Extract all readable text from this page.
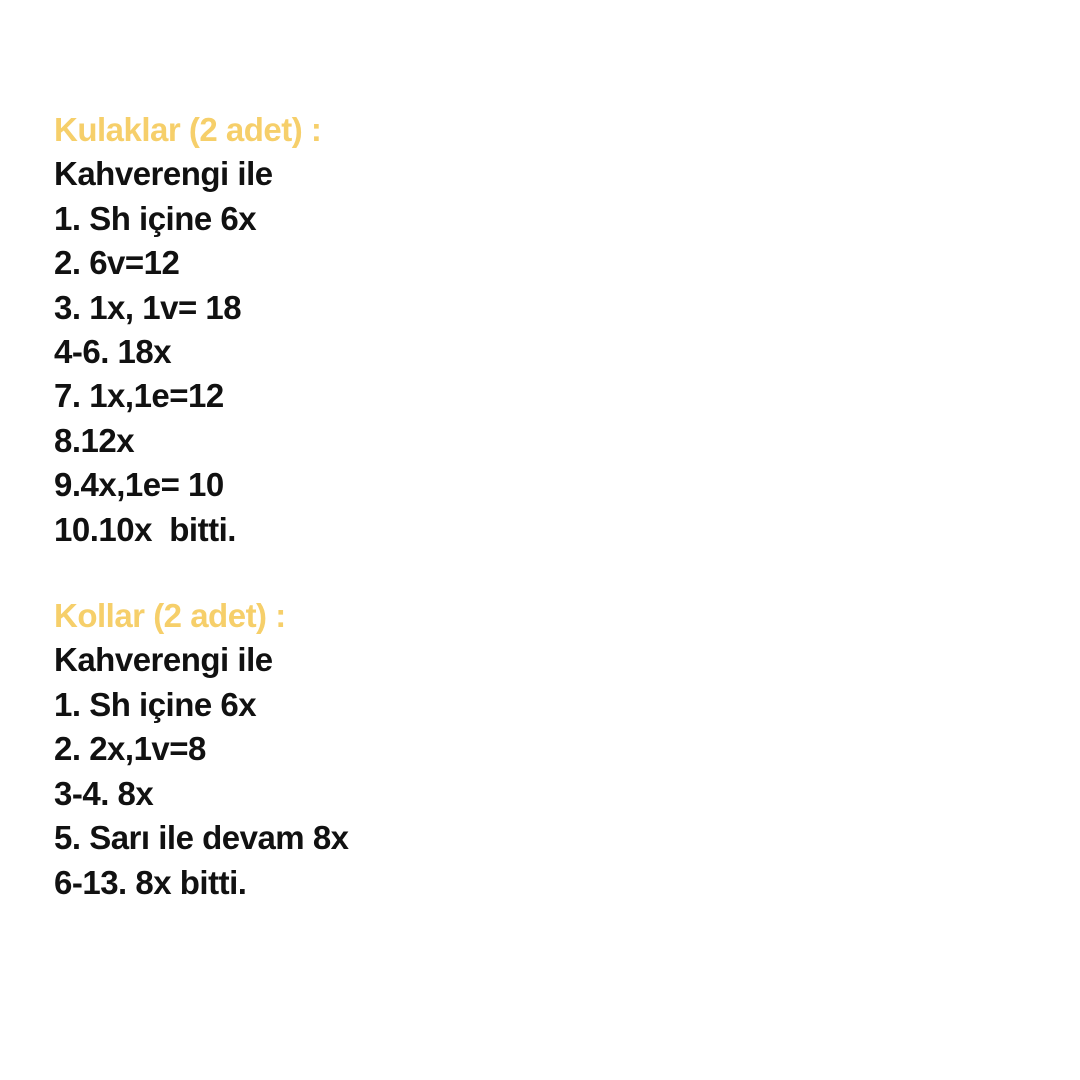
Kulaklar (2 adet) :
Kahverengi ile
1. Sh içine 6x
2. 6v=12
3. 1x, 1v= 18
4-6. 18x
7. 1x,1e=12
8.12x
9.4x,1e= 10
10.10x  bitti.
Kollar (2 adet) :
Kahverengi ile
1. Sh içine 6x
2. 2x,1v=8
3-4. 8x
5. Sarı ile devam 8x
6-13. 8x bitti.
